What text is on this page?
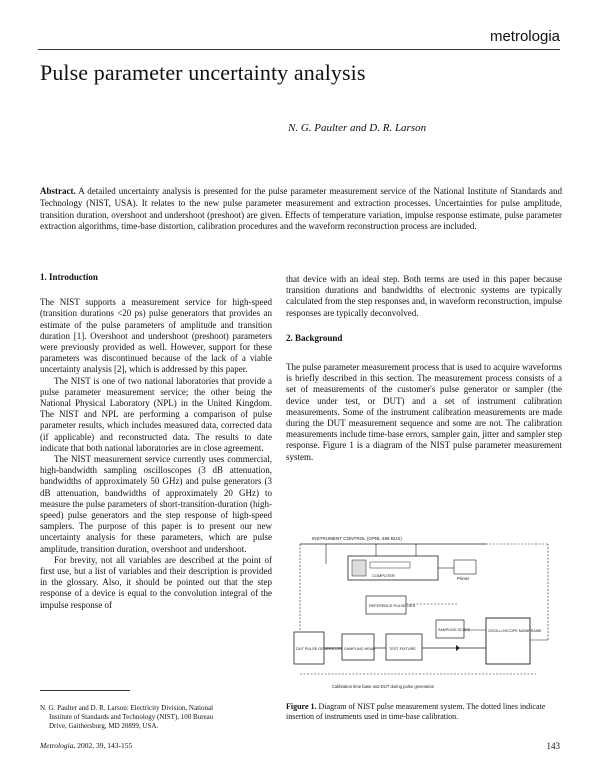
metrologia
Pulse parameter uncertainty analysis
N. G. Paulter and D. R. Larson
Abstract. A detailed uncertainty analysis is presented for the pulse parameter measurement service of the National Institute of Standards and Technology (NIST, USA). It relates to the new pulse parameter measurement and extraction processes. Uncertainties for pulse amplitude, transition duration, overshoot and undershoot (preshoot) are given. Effects of temperature variation, impulse response estimate, pulse parameter extraction algorithms, time-base distortion, calibration procedures and the waveform reconstruction process are included.
1. Introduction

The NIST supports a measurement service for high-speed (transition durations <20 ps) pulse generators that provides an estimate of the pulse parameters of amplitude and transition duration [1]. Overshoot and undershoot (preshoot) parameters were previously provided as well. However, support for these parameters was discontinued because of the lack of a viable uncertainty analysis [2], which is addressed by this paper.

The NIST is one of two national laboratories that provide a pulse parameter measurement service; the other being the National Physical Laboratory (NPL) in the United Kingdom. The NIST and NPL are performing a comparison of pulse parameter results, which includes measured data, corrected data (if applicable) and reconstructed data. The results to date indicate that both national laboratories are in close agreement.

The NIST measurement service currently uses commercial, high-bandwidth sampling oscilloscopes (3 dB attenuation, bandwidths of approximately 50 GHz) and pulse generators (3 dB attenuation, bandwidths of approximately 20 GHz) to measure the pulse parameters of short-transition-duration (high-speed) pulse generators and the step response of high-speed samplers. The purpose of this paper is to present our new uncertainty analysis for these parameters, which are pulse amplitude, transition duration, overshoot and undershoot.

For brevity, not all variables are described at the point of first use, but a list of variables and their description is provided in the glossary. Also, it should be pointed out that the step response of a device is equal to the convolution integral of the impulse response of

that device with an ideal step. Both terms are used in this paper because transition durations and bandwidths of electronic systems are typically calculated from the step responses and, in waveform reconstruction, impulse responses are typically deconvolved.

2. Background

The pulse parameter measurement process that is used to acquire waveforms is briefly described in this section. The measurement process consists of a set of measurements of the customer's pulse generator or sampler (the device under test, or DUT) and a set of instrument calibration measurements. Some of the instrument calibration measurements are made during the DUT measurement sequence and some are not. The calibration measurements include time-base errors, sampler gain, jitter and sampler step response. Figure 1 is a diagram of the NIST pulse parameter measurement system.

INSTRUMENT CONTROL (GPIB, 488 BUS)
COMPUTER
Printer
REFERENCE PULSE GEN
DUT PULSE GENERATOR SAMPLING HEAD	TEST FIXTURE
SAMPLING SCOPE	OSCILLOSCOPE MAINFRAME
Calibration time base and DUT during pulse generation
Figure 1. Diagram of NIST pulse measurement system. The dotted lines indicate insertion of instruments used in time-base calibration.
N. G. Paulter and D. R. Larson: Electricity Division, National
Institute of Standards and Technology (NIST), 100 Bureau
Drive, Gaithersburg, MD 20899, USA.
Metrologia, 2002, 39, 143-155	143
